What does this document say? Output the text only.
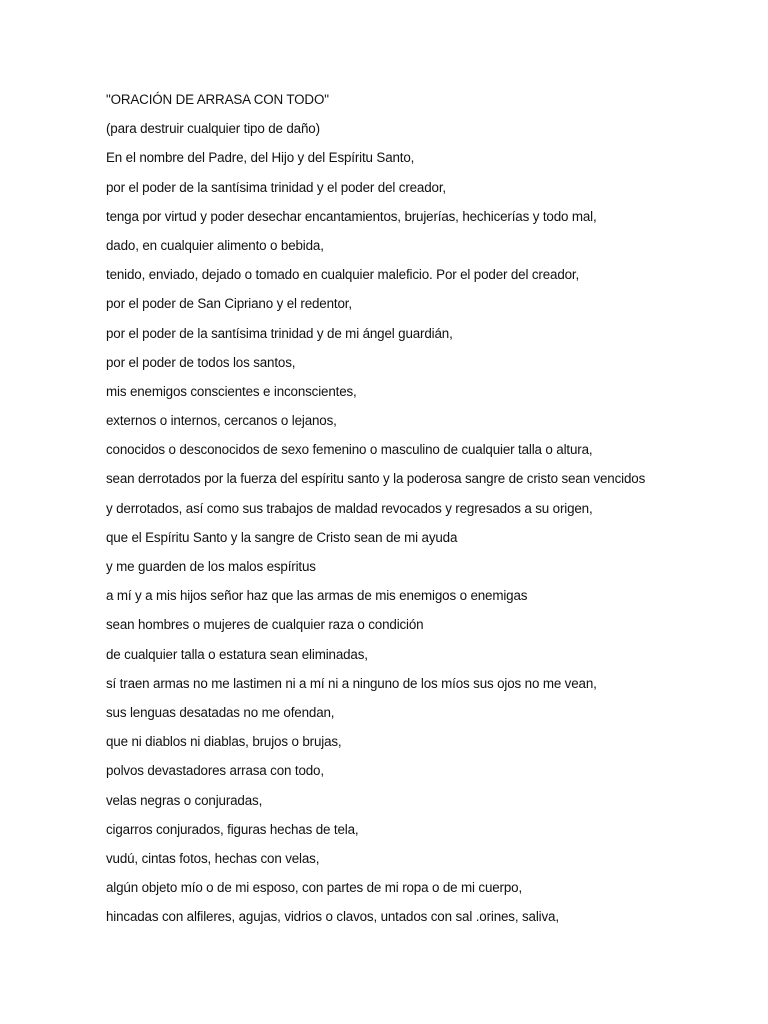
"ORACIÓN DE ARRASA CON TODO"
(para destruir cualquier tipo de daño)
En el nombre del Padre, del Hijo y del Espíritu Santo,
por el poder de la santísima trinidad y el poder del creador,
tenga por virtud y poder desechar encantamientos, brujerías, hechicerías y todo mal,
dado, en cualquier alimento o bebida,
tenido, enviado, dejado o tomado en cualquier maleficio. Por el poder del creador,
por el poder de San Cipriano y el redentor,
por el poder de la santísima trinidad y de mi ángel guardián,
por el poder de todos los santos,
mis enemigos conscientes e inconscientes,
externos o internos, cercanos o lejanos,
conocidos o desconocidos de sexo femenino o masculino de cualquier talla o altura,
sean derrotados por la fuerza del espíritu santo y la poderosa sangre de cristo sean vencidos
y derrotados, así como sus trabajos de maldad revocados y regresados a su origen,
que el Espíritu Santo y la sangre de Cristo sean de mi ayuda
y me guarden de los malos espíritus
a mí y a mis hijos señor haz que las armas de mis enemigos o enemigas
sean hombres o mujeres de cualquier raza o condición
de cualquier talla o estatura sean eliminadas,
sí traen armas no me lastimen ni a mí ni a ninguno de los míos sus ojos no me vean,
sus lenguas desatadas no me ofendan,
que ni diablos ni diablas, brujos o brujas,
polvos devastadores arrasa con todo,
velas negras o conjuradas,
cigarros conjurados, figuras hechas de tela,
vudú, cintas fotos, hechas con velas,
algún objeto mío o de mi esposo, con partes de mi ropa o de mi cuerpo,
hincadas con alfileres, agujas, vidrios o clavos, untados con sal .orines, saliva,
